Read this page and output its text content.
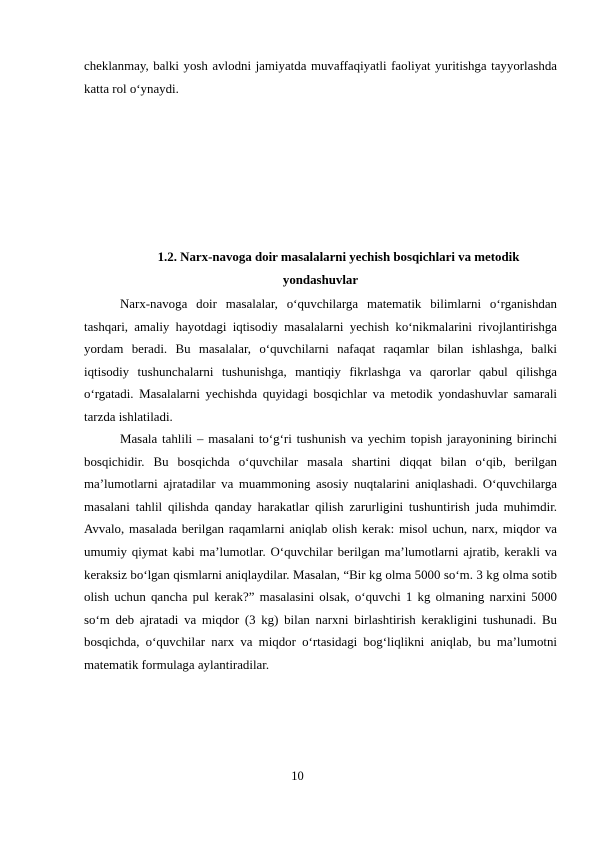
cheklanmay, balki yosh avlodni jamiyatda muvaffaqiyatli faoliyat yuritishga tayyorlashda katta rol o‘ynaydi.

1.2. Narx-navoga doir masalalarni yechish bosqichlari va metodik
yondashuvlar

Narx-navoga doir masalalar, o‘quvchilarga matematik bilimlarni o‘rganishdan tashqari, amaliy hayotdagi iqtisodiy masalalarni yechish ko‘nikmalarini rivojlantirishga yordam beradi. Bu masalalar, o‘quvchilarni nafaqat raqamlar bilan ishlashga, balki iqtisodiy tushunchalarni tushunishga, mantiqiy fikrlashga va qarorlar qabul qilishga o‘rgatadi. Masalalarni yechishda quyidagi bosqichlar va metodik yondashuvlar samarali tarzda ishlatiladi.

Masala tahlili – masalani to‘g‘ri tushunish va yechim topish jarayonining birinchi bosqichidir. Bu bosqichda o‘quvchilar masala shartini diqqat bilan o‘qib, berilgan ma’lumotlarni ajratadilar va muammoning asosiy nuqtalarini aniqlashadi. O‘quvchilarga masalani tahlil qilishda qanday harakatlar qilish zarurligini tushuntirish juda muhimdir. Avvalo, masalada berilgan raqamlarni aniqlab olish kerak: misol uchun, narx, miqdor va umumiy qiymat kabi ma’lumotlar. O‘quvchilar berilgan ma’lumotlarni ajratib, kerakli va keraksiz bo‘lgan qismlarni aniqlaydilar. Masalan, “Bir kg olma 5000 so‘m. 3 kg olma sotib olish uchun qancha pul kerak?” masalasini olsak, o‘quvchi 1 kg olmaning narxini 5000 so‘m deb ajratadi va miqdor (3 kg) bilan narxni birlashtirish kerakligini tushunadi. Bu bosqichda, o‘quvchilar narx va miqdor o‘rtasidagi bog‘liqlikni aniqlab, bu ma’lumotni matematik formulaga aylantiradilar.

10
